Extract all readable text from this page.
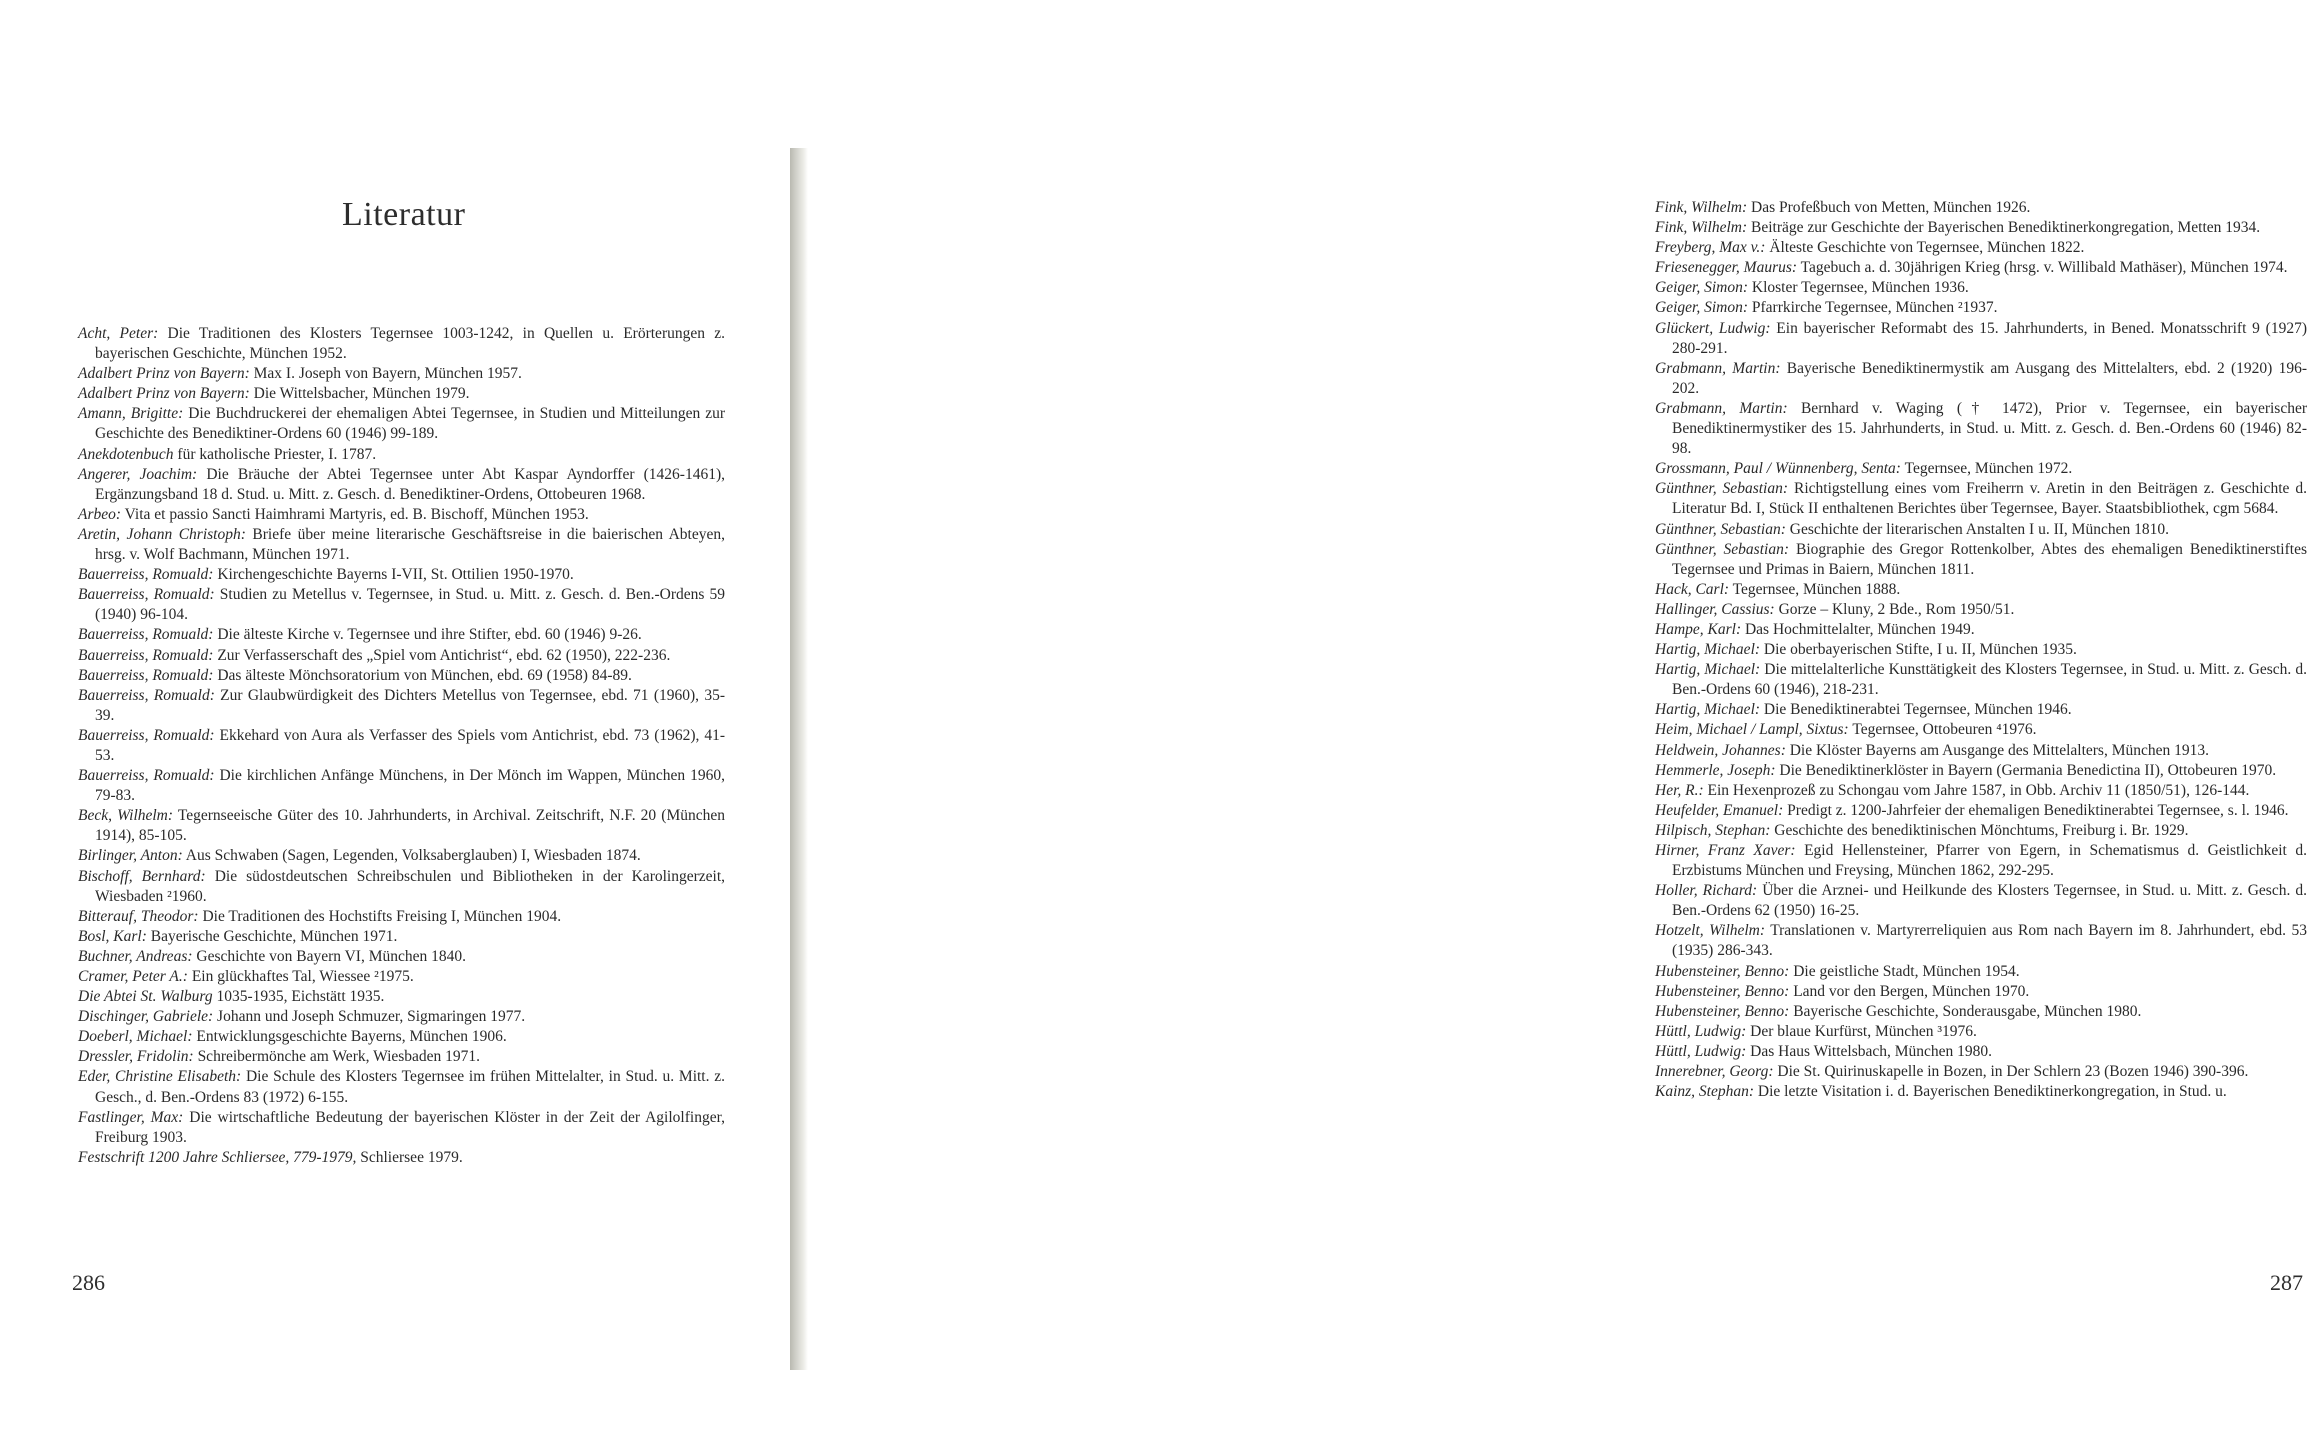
Literatur
Acht, Peter: Die Traditionen des Klosters Tegernsee 1003-1242, in Quellen u. Erörterungen z. bayerischen Geschichte, München 1952.
Adalbert Prinz von Bayern: Max I. Joseph von Bayern, München 1957.
Adalbert Prinz von Bayern: Die Wittelsbacher, München 1979.
Amann, Brigitte: Die Buchdruckerei der ehemaligen Abtei Tegernsee, in Studien und Mitteilungen zur Geschichte des Benediktiner-Ordens 60 (1946) 99-189.
Anekdotenbuch für katholische Priester, I. 1787.
Angerer, Joachim: Die Bräuche der Abtei Tegernsee unter Abt Kaspar Ayndorffer (1426-1461), Ergänzungsband 18 d. Stud. u. Mitt. z. Gesch. d. Benediktiner-Ordens, Ottobeuren 1968.
Arbeo: Vita et passio Sancti Haimhrami Martyris, ed. B. Bischoff, München 1953.
Aretin, Johann Christoph: Briefe über meine literarische Geschäftsreise in die baierischen Abteyen, hrsg. v. Wolf Bachmann, München 1971.
Bauerreiss, Romuald: Kirchengeschichte Bayerns I-VII, St. Ottilien 1950-1970.
Bauerreiss, Romuald: Studien zu Metellus v. Tegernsee, in Stud. u. Mitt. z. Gesch. d. Ben.-Ordens 59 (1940) 96-104.
Bauerreiss, Romuald: Die älteste Kirche v. Tegernsee und ihre Stifter, ebd. 60 (1946) 9-26.
Bauerreiss, Romuald: Zur Verfasserschaft des „Spiel vom Antichrist“, ebd. 62 (1950), 222-236.
Bauerreiss, Romuald: Das älteste Mönchsoratorium von München, ebd. 69 (1958) 84-89.
Bauerreiss, Romuald: Zur Glaubwürdigkeit des Dichters Metellus von Tegernsee, ebd. 71 (1960), 35-39.
Bauerreiss, Romuald: Ekkehard von Aura als Verfasser des Spiels vom Antichrist, ebd. 73 (1962), 41-53.
Bauerreiss, Romuald: Die kirchlichen Anfänge Münchens, in Der Mönch im Wappen, München 1960, 79-83.
Beck, Wilhelm: Tegernseeische Güter des 10. Jahrhunderts, in Archival. Zeitschrift, N.F. 20 (München 1914), 85-105.
Birlinger, Anton: Aus Schwaben (Sagen, Legenden, Volksaberglauben) I, Wiesbaden 1874.
Bischoff, Bernhard: Die südostdeutschen Schreibschulen und Bibliotheken in der Karolingerzeit, Wiesbaden ²1960.
Bitterauf, Theodor: Die Traditionen des Hochstifts Freising I, München 1904.
Bosl, Karl: Bayerische Geschichte, München 1971.
Buchner, Andreas: Geschichte von Bayern VI, München 1840.
Cramer, Peter A.: Ein glückhaftes Tal, Wiessee ²1975.
Die Abtei St. Walburg 1035-1935, Eichstätt 1935.
Dischinger, Gabriele: Johann und Joseph Schmuzer, Sigmaringen 1977.
Doeberl, Michael: Entwicklungsgeschichte Bayerns, München 1906.
Dressler, Fridolin: Schreibermönche am Werk, Wiesbaden 1971.
Eder, Christine Elisabeth: Die Schule des Klosters Tegernsee im frühen Mittelalter, in Stud. u. Mitt. z. Gesch., d. Ben.-Ordens 83 (1972) 6-155.
Fastlinger, Max: Die wirtschaftliche Bedeutung der bayerischen Klöster in der Zeit der Agilolfinger, Freiburg 1903.
Festschrift 1200 Jahre Schliersee, 779-1979, Schliersee 1979.
286
Fink, Wilhelm: Das Profeßbuch von Metten, München 1926.
Fink, Wilhelm: Beiträge zur Geschichte der Bayerischen Benediktinerkongregation, Metten 1934.
Freyberg, Max v.: Älteste Geschichte von Tegernsee, München 1822.
Friesenegger, Maurus: Tagebuch a. d. 30jährigen Krieg (hrsg. v. Willibald Mathäser), München 1974.
Geiger, Simon: Kloster Tegernsee, München 1936.
Geiger, Simon: Pfarrkirche Tegernsee, München ²1937.
Glückert, Ludwig: Ein bayerischer Reformabt des 15. Jahrhunderts, in Bened. Monatsschrift 9 (1927) 280-291.
Grabmann, Martin: Bayerische Benediktinermystik am Ausgang des Mittelalters, ebd. 2 (1920) 196-202.
Grabmann, Martin: Bernhard v. Waging († 1472), Prior v. Tegernsee, ein bayerischer Benediktinermystiker des 15. Jahrhunderts, in Stud. u. Mitt. z. Gesch. d. Ben.-Ordens 60 (1946) 82-98.
Grossmann, Paul / Wünnenberg, Senta: Tegernsee, München 1972.
Günthner, Sebastian: Richtigstellung eines vom Freiherrn v. Aretin in den Beiträgen z. Geschichte d. Literatur Bd. I, Stück II enthaltenen Berichtes über Tegernsee, Bayer. Staatsbibliothek, cgm 5684.
Günthner, Sebastian: Geschichte der literarischen Anstalten I u. II, München 1810.
Günthner, Sebastian: Biographie des Gregor Rottenkolber, Abtes des ehemaligen Benediktinerstiftes Tegernsee und Primas in Baiern, München 1811.
Hack, Carl: Tegernsee, München 1888.
Hallinger, Cassius: Gorze – Kluny, 2 Bde., Rom 1950/51.
Hampe, Karl: Das Hochmittelalter, München 1949.
Hartig, Michael: Die oberbayerischen Stifte, I u. II, München 1935.
Hartig, Michael: Die mittelalterliche Kunsttätigkeit des Klosters Tegernsee, in Stud. u. Mitt. z. Gesch. d. Ben.-Ordens 60 (1946), 218-231.
Hartig, Michael: Die Benediktinerabtei Tegernsee, München 1946.
Heim, Michael / Lampl, Sixtus: Tegernsee, Ottobeuren ⁴1976.
Heldwein, Johannes: Die Klöster Bayerns am Ausgange des Mittelalters, München 1913.
Hemmerle, Joseph: Die Benediktinerklöster in Bayern (Germania Benedictina II), Ottobeuren 1970.
Her, R.: Ein Hexenprozeß zu Schongau vom Jahre 1587, in Obb. Archiv 11 (1850/51), 126-144.
Heufelder, Emanuel: Predigt z. 1200-Jahrfeier der ehemaligen Benediktinerabtei Tegernsee, s. l. 1946.
Hilpisch, Stephan: Geschichte des benediktinischen Mönchtums, Freiburg i. Br. 1929.
Hirner, Franz Xaver: Egid Hellensteiner, Pfarrer von Egern, in Schematismus d. Geistlichkeit d. Erzbistums München und Freysing, München 1862, 292-295.
Holler, Richard: Über die Arznei- und Heilkunde des Klosters Tegernsee, in Stud. u. Mitt. z. Gesch. d. Ben.-Ordens 62 (1950) 16-25.
Hotzelt, Wilhelm: Translationen v. Martyrerreliquien aus Rom nach Bayern im 8. Jahrhundert, ebd. 53 (1935) 286-343.
Hubensteiner, Benno: Die geistliche Stadt, München 1954.
Hubensteiner, Benno: Land vor den Bergen, München 1970.
Hubensteiner, Benno: Bayerische Geschichte, Sonderausgabe, München 1980.
Hüttl, Ludwig: Der blaue Kurfürst, München ³1976.
Hüttl, Ludwig: Das Haus Wittelsbach, München 1980.
Innerebner, Georg: Die St. Quirinuskapelle in Bozen, in Der Schlern 23 (Bozen 1946) 390-396.
Kainz, Stephan: Die letzte Visitation i. d. Bayerischen Benediktinerkongregation, in Stud. u.
287
